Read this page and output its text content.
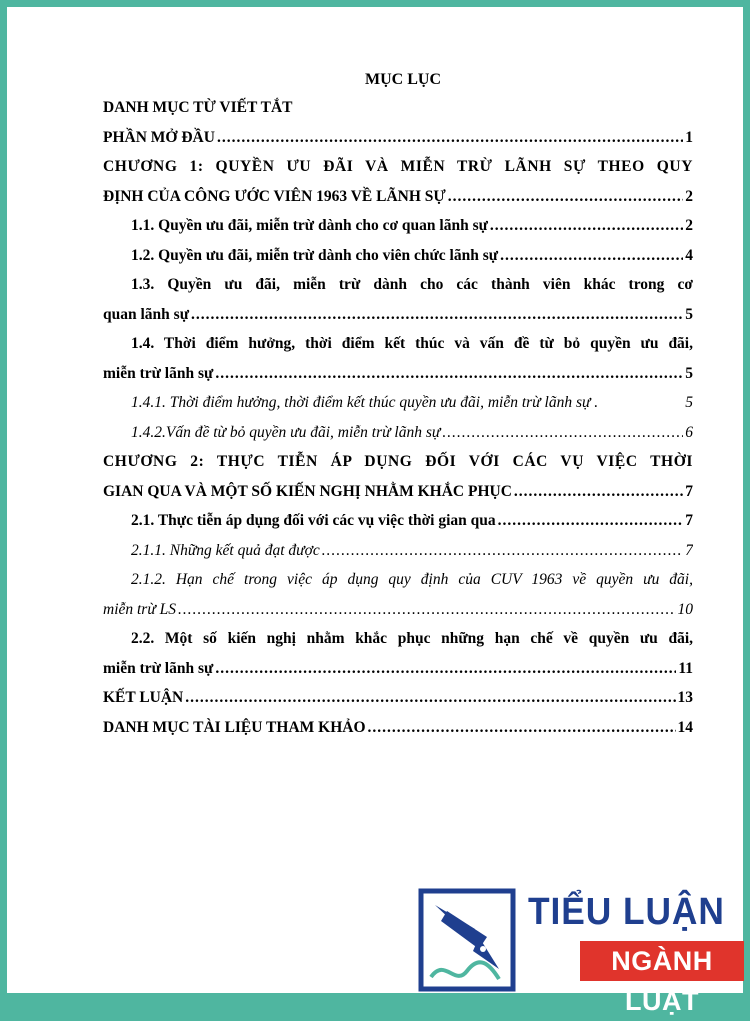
MỤC LỤC
DANH MỤC TỪ VIẾT TẮT
PHẦN MỞ ĐẦU .....	1
CHƯƠNG 1: QUYỀN ƯU ĐÃI VÀ MIỄN TRỪ LÃNH SỰ THEO QUY
ĐỊNH CỦA CÔNG ƯỚC VIÊN 1963 VỀ LÃNH SỰ .....	2
1.1. Quyền ưu đãi, miễn trừ dành cho cơ quan lãnh sự .....	2
1.2. Quyền ưu đãi, miễn trừ dành cho viên chức lãnh sự .....	4
1.3. Quyền ưu đãi, miễn trừ dành cho các thành viên khác trong cơ
quan lãnh sự .....	5
1.4. Thời điểm hưởng, thời điểm kết thúc và vấn đề từ bỏ quyền ưu đãi,
miễn trừ lãnh sự .....	5
1.4.1. Thời điểm hưởng, thời điểm kết thúc quyền ưu đãi, miễn trừ lãnh sự .	5
1.4.2.Vấn đề từ bỏ quyền ưu đãi, miễn trừ lãnh sự .....	6
CHƯƠNG 2: THỰC TIỄN ÁP DỤNG ĐỐI VỚI CÁC VỤ VIỆC THỜI
GIAN QUA VÀ MỘT SỐ KIẾN NGHỊ NHẰM KHẮC PHỤC .....	7
2.1. Thực tiễn áp dụng đối với các vụ việc thời gian qua .....	7
2.1.1. Những kết quả đạt được .....	7
2.1.2. Hạn chế trong việc áp dụng quy định của CUV 1963 về quyền ưu đãi,
miễn trừ LS .....	10
2.2. Một số kiến nghị nhằm khắc phục những hạn chế về quyền ưu đãi,
miễn trừ lãnh sự .....	11
KẾT LUẬN .....	13
DANH MỤC TÀI LIỆU THAM KHẢO .....	14
TIỂU LUẬN
NGÀNH LUẬT
